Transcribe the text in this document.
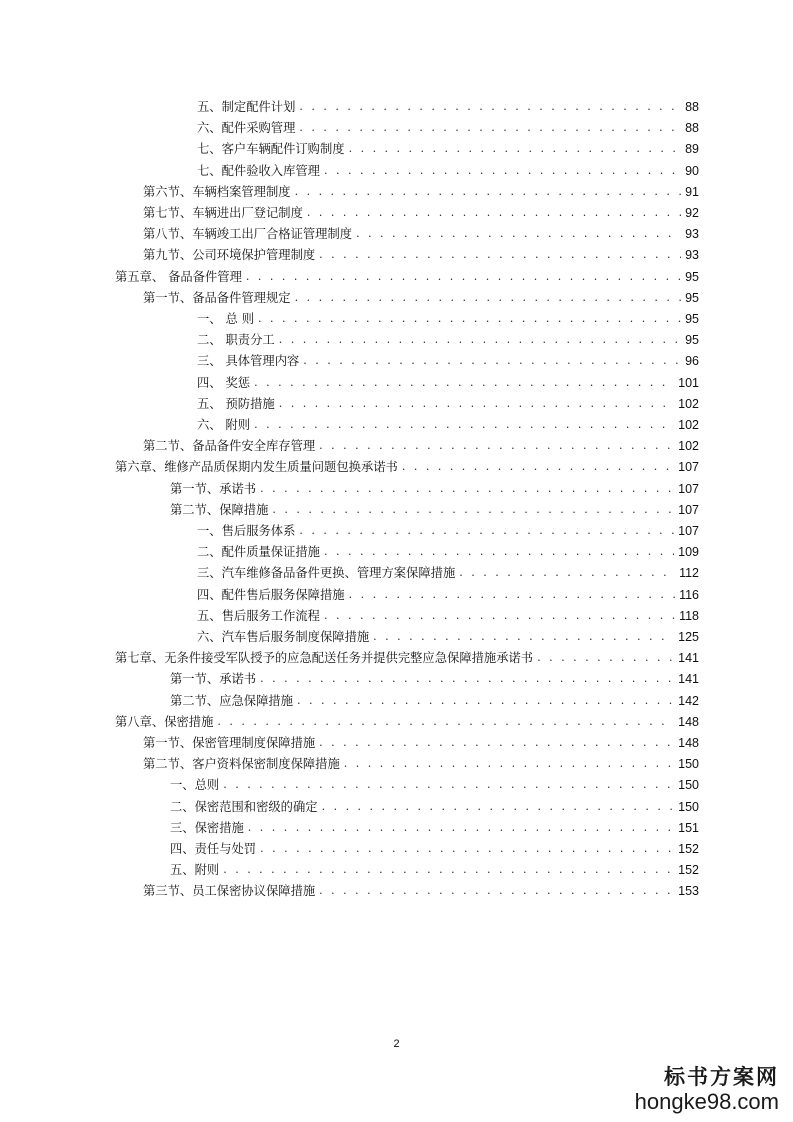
五、制定配件计划 . . .	88
六、配件采购管理 . . .	88
七、客户车辆配件订购制度 . . .	89
七、配件验收入库管理 . . .	90
第六节、车辆档案管理制度 . . .	91
第七节、车辆进出厂登记制度 . . .	92
第八节、车辆竣工出厂合格证管理制度 . . .	93
第九节、公司环境保护管理制度 . . .	93
第五章、 备品备件管理 . . .	95
第一节、备品备件管理规定 . . .	95
一、 总 则 . . .	95
二、 职责分工 . . .	95
三、 具体管理内容 . . .	96
四、 奖惩 . . .	101
五、 预防措施 . . .	102
六、 附则 . . .	102
第二节、备品备件安全库存管理 . . .	102
第六章、维修产品质保期内发生质量问题包换承诺书 . . .	107
第一节、承诺书 . . .	107
第二节、保障措施 . . .	107
一、售后服务体系 . . .	107
二、配件质量保证措施 . . .	109
三、汽车维修备品备件更换、管理方案保障措施 . . .	112
四、配件售后服务保障措施 . . .	116
五、售后服务工作流程 . . .	118
六、汽车售后服务制度保障措施 . . .	125
第七章、无条件接受军队授予的应急配送任务并提供完整应急保障措施承诺书 . . .	141
第一节、承诺书 . . .	141
第二节、应急保障措施 . . .	142
第八章、保密措施 . . .	148
第一节、保密管理制度保障措施 . . .	148
第二节、客户资料保密制度保障措施 . . .	150
一、总则 . . .	150
二、保密范围和密级的确定 . . .	150
三、保密措施 . . .	151
四、责任与处罚 . . .	152
五、附则 . . .	152
第三节、员工保密协议保障措施 . . .	153
2
标书方案网
hongke98.com
